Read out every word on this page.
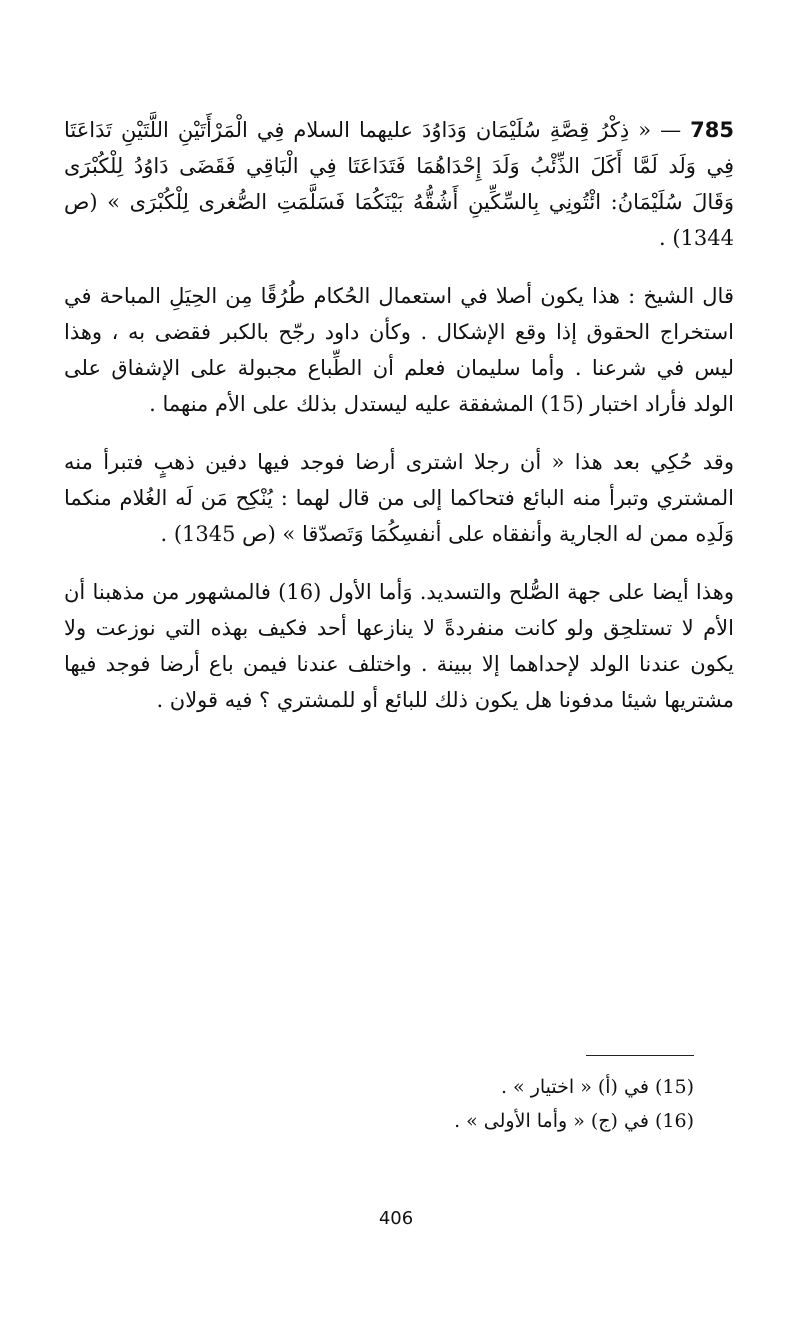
785 — « ذِكْرُ قِصَّةِ سُلَيْمَان وَدَاوُدَ عليهما السلام فِي الْمَرْأَتَيْنِ اللَّتَيْنِ تَدَاعَتَا فِي وَلَد لَمَّا أَكَلَ الذِّئْبُ وَلَدَ إِحْدَاهُمَا فَتَدَاعَتَا فِي الْبَاقِي فَقَضَى دَاوُدُ لِلْكُبْرَى وَقَالَ سُلَيْمَانُ: ائْتُونِي بِالسِّكِّينِ أَشُقُّهُ بَيْنَكُمَا فَسَلَّمَتِ الصُّغرى لِلْكُبْرَى » (ص 1344) .

قال الشيخ : هذا يكون أصلا في استعمال الحُكام طُرُقًا مِن الحِيَلِ المباحة في استخراج الحقوق إذا وقع الإشكال . وكأن داود رجّح بالكبر فقضى به ، وهذا ليس في شرعنا . وأما سليمان فعلم أن الطِّباع مجبولة على الإشفاق على الولد فأراد اختبار (15) المشفقة عليه ليستدل بذلك على الأم منهما .

وقد حُكِي بعد هذا « أن رجلا اشترى أرضا فوجد فيها دفين ذهبٍ فتبرأ منه المشتري وتبرأ منه البائع فتحاكما إلى من قال لهما : يُنْكِح مَن لَه الغُلام منكما وَلَدِه ممن له الجارية وأنفقاه على أنفسِكُمَا وَتَصدّقا » (ص 1345) .

وهذا أيضا على جهة الصُّلح والتسديد. وَأما الأول (16) فالمشهور من مذهبنا أن الأم لا تستلحِق ولو كانت منفردةً لا ينازعها أحد فكيف بهذه التي نوزعت ولا يكون عندنا الولد لإحداهما إلا ببينة . واختلف عندنا فيمن باع أرضا فوجد فيها مشتريها شيئا مدفونا هل يكون ذلك للبائع أو للمشتري ؟ فيه قولان .

(15) في (أ) « اختيار » .

(16) في (ج) « وأما الأولى » .

406
